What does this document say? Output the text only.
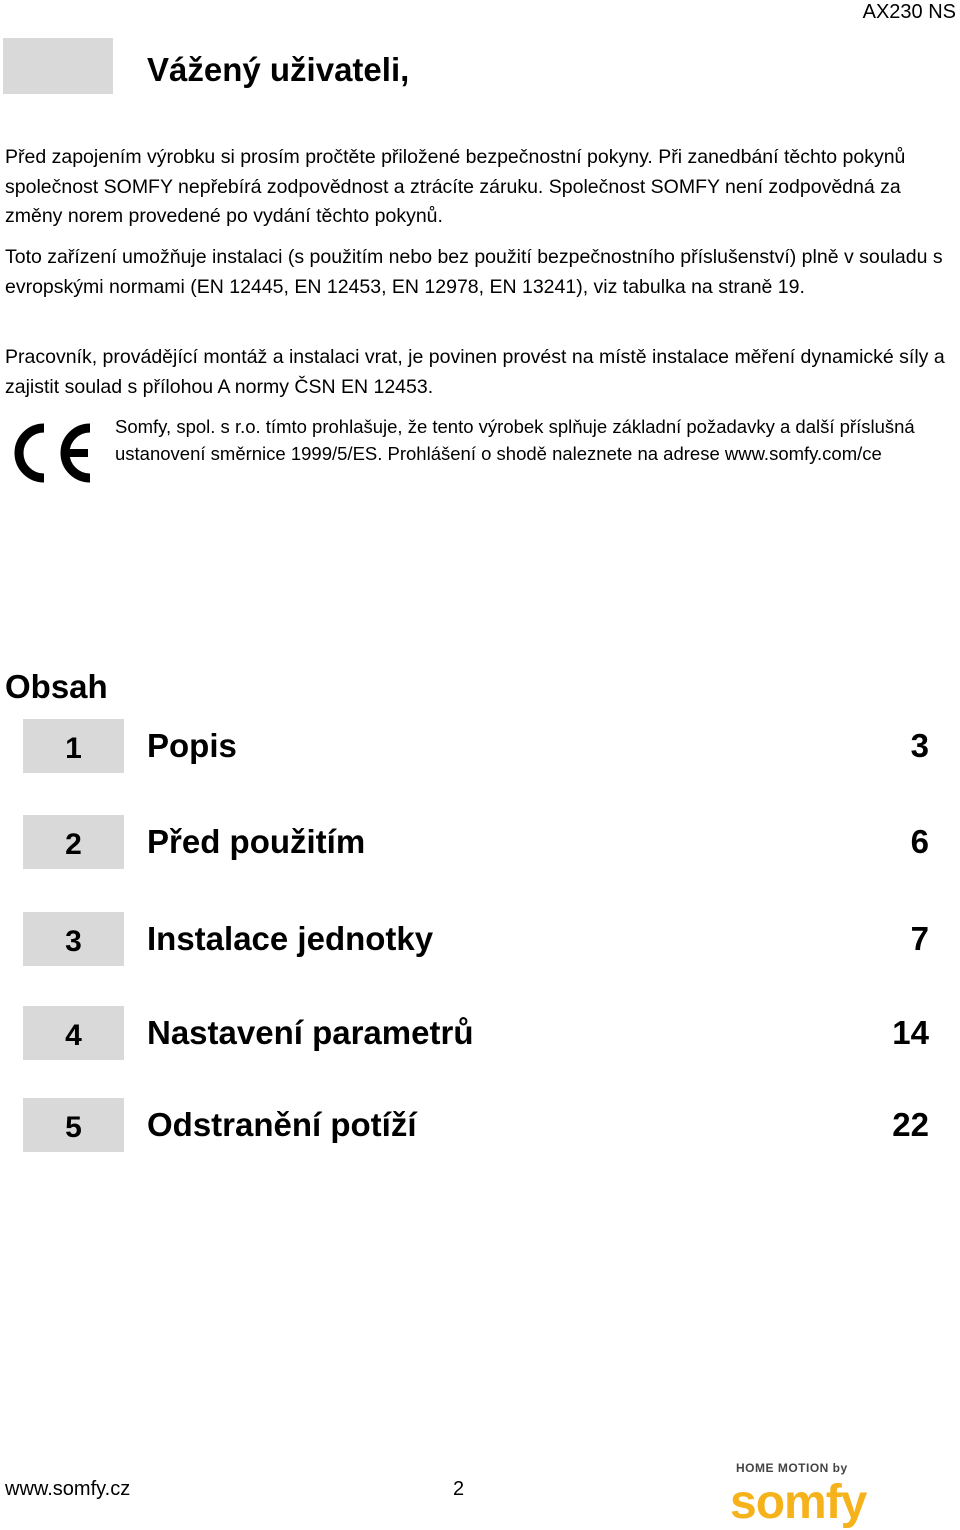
AX230 NS
Vážený uživateli,
Před zapojením výrobku si prosím pročtěte přiložené bezpečnostní pokyny. Při zanedbání těchto pokynů společnost SOMFY nepřebírá zodpovědnost a ztrácíte záruku. Společnost SOMFY není zodpovědná za změny norem provedené po vydání těchto pokynů.
Toto zařízení umožňuje instalaci (s použitím nebo bez použití bezpečnostního příslušenství) plně v souladu s evropskými normami (EN 12445, EN 12453, EN 12978, EN 13241), viz tabulka na straně 19.
Pracovník, provádějící montáž a instalaci vrat, je povinen provést na místě instalace měření dynamické síly a zajistit soulad s přílohou A normy ČSN EN 12453.
Somfy, spol. s r.o. tímto prohlašuje, že tento výrobek splňuje základní požadavky a další příslušná ustanovení směrnice 1999/5/ES. Prohlášení o shodě naleznete na adrese www.somfy.com/ce
Obsah
1 Popis	3
2 Před použitím	6
3 Instalace jednotky	7
4 Nastavení parametrů	14
5 Odstranění potíží	22
www.somfy.cz	2
HOME MOTION by
somfy
